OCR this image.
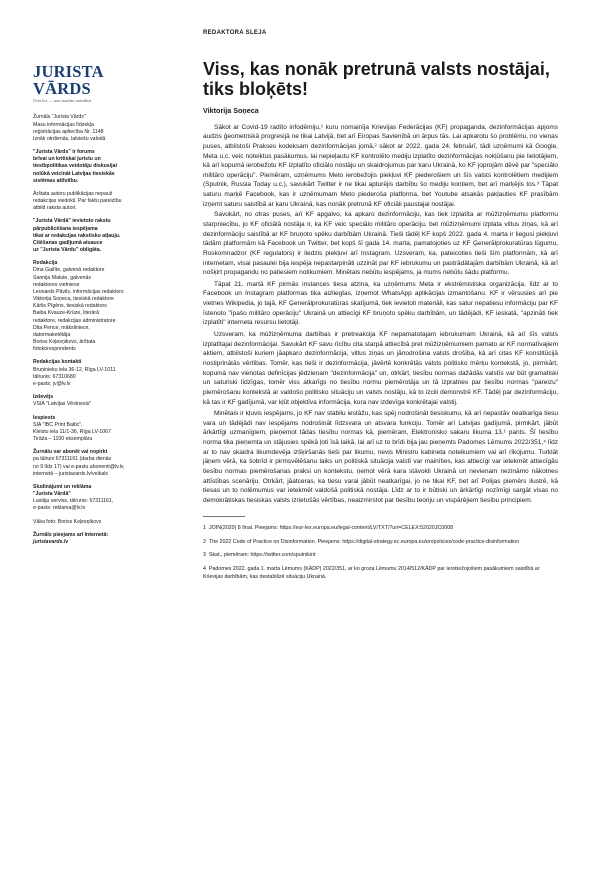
REDAKTORA SLEJA
JURISTA VĀRDS
Una lex — una iustitia omnibus
Žurnāls "Jurista Vārds"
Masu informācijas līdzekļa
reģistrācijas apliecība Nr. 1148
Iznāk otrdienās, latviešu valodā
"Jurista Vārds" ir forums
brīvai un kritiskai juristu un
tiesībpolitikas veidotāju diskusijai
nolūkā veicināt Latvijas tiesiskās
sistēmas attīstību.
Ārštata autoru publikācijas nepauž
redakcijas viedokli. Par faktu pareizību
atbild raksta autori.
"Jurista Vārdā" ievietoto rakstu
pārpublicēšana iespējama
tikai ar redakcijas rakstisku atļauju.
Citēšanas gadījumā atsauce
uz "Jurista Vārdu" obligāta.
Redakcija
Dina Gailīte, galvenā redaktore
Sannija Matule, galvenās
redaktores vietniece
Leonards Pāvils, informācijas redaktors
Viktorija Soņeca, tiesiskā redaktore
Kārlis Pīgēns, tiesiskā redaktors
Baiba Kvauze-Krūze, literārā
redaktore, redakcijas administratore
Dita Pence, māksliniece,
datormaketētāja
Boriss Koļesņikovs, ārštata
fotokorespondents
Redakcijas kontakti
Bruņinieku iela 36-12, Rīga LV-1011
tālrunis: 67310680
e-pasts: jv@lv.lv
Izdevējs
VSIA "Latvijas Vēstnesis"
Iespiests
SIA "IBC Print Baltic",
Kleistu iela 11/1-36, Rīga LV-1067
Tirāža – 1100 eksemplāru
Žurnālu var abonēt vai nopirkt
pa tālruni 67311161 (darba dienās
no 9 līdz 17) vai e-pastu abonenti@lv.lv,
internetā – juristavards.lv/veikals
Sludinājumi un reklāma
"Jurista Vārdā"
Laslāju serviss, tālrunis: 67311161,
e-pasts: reklama@lv.lv
Vāka foto: Boriss Koļesņikovs
Žurnāls pieejams arī internetā:
juristavards.lv
Viss, kas nonāk pretrunā valsts nostājai,
tiks bloķēts!
Viktorija Soņeca

Sākot ar Covid-19 radīto infodēmiju,¹ kuru nomainīja Krievijas Federācijas (KF) propaganda, dezinformācijas apjoms audzis ģeometriskā progresijā ne tikai Latvijā, bet arī Eiropas Savienībā un ārpus tās. Lai apkarotu šo problēmu, no vienas puses, atbilstoši Prakses kodeksam dezinformācijas jomā,² sākot ar 2022. gada 24. februārī, tādi uzņēmumi kā Google, Meta u.c. veic noteiktus pasākumus, lai nepieļautu KF kontrolēto mediju izplatīto dezinformācijas nokļūšanu pie lietotājiem, kā arī kopumā ierobežotu KF izplatīto oficiālo nostāju un skaidrojumus par karu Ukrainā, ko KF joprojām dēvē par "speciālo militāro operāciju". Piemēram, uzņēmums Meto ierobežojis piekļuvi KF piederošiem un šīs valsts kontrolētiem medijiem (Sputnik, Russia Today u.c.), savukārt Twitter ir ne tikai apturējis darbību šo mediju kontiem, bet arī marķējis tos.³ Tāpat saturu marķē Facebook, kas ir uzņēmumam Meto piederoša platforma, bet Youtube atsakās pakļauties KF prasībām izņemt saturu saistībā ar karu Ukrainā, kas nonāk pretrunā KF oficiāli paustajai nostājai.

Savukārt, no otras puses, arī KF apgalvo, ka apkaro dezinformāciju, kas tiek izplatīta ar mūžizņēmumu platformu starpniecību, jo KF oficiālā nostāja ir, ka KF veic speciālo militāro operāciju, bet mūžizņēmumi izplata viltus ziņas, kā arī dezinformāciju saistībā ar KF bruņoto spēku darbībām Ukrainā. Tieši tādēļ KF kopš 2022. gada 4. marta ir liegusi piekļuvi tādām platformām kā Facebook un Twitter, bet kopš šī gada 14. marta, pamatojoties uz KF Ģenerālprokuratūras lūgumu, Roskomnadzor (KF regulators) ir liedzis piekļuvi arī Instagram. Uzsveram, ka, pateicoties tieši šīm platformām, kā arī internetam, visai pasaulei bija iespēja nepastarpināti uzzināt par KF iebrukumu un pastrādātajām darbībām Ukrainā, kā arī nošķirt propagandu no patiesiem notikumiem. Minētais nebūtu iespējams, ja mums nebūtu šādu platformu.

Tāpat 21. martā KF pirmās instances tiesa atzina, ka uzņēmums Meta ir ekstrēmistiska organizācija, līdz ar to Facebook un Instagram platformas tika aizliegtas, izņemot WhatsApp aplikācijas izmantošanu. KF ir vērsusies arī pie vietnes Wikipedia, jo tajā, KF Ģenerālprokuratūras skatījumā, tiek ievietoti materiāli, kas satur nepatiesu informāciju par KF īstenoto "īpašo militāro operāciju" Ukrainā un attiecīgi KF bruņoto spēku darbībām, un tādējādi, KF ieskatā, "apzināti tiek izplatīti" interneta resursu lietotāji.

Uzsveram, ka mūžizņēmuma darbības ir pretreakcija KF nepamatotajam iebrukumam Ukrainā, kā arī šīs valsts izplatītajai dezinformācijai. Savukārt KF savu rīcību cita starpā attiecībā pret mūžizņēmumiem pamato ar KF normatīvajiem aktiem, atbilstoši kuriem jāapkaro dezinformācija, viltus ziņas un jānodrošina valsts drošība, kā arī citas KF konstitūcijā nostiprinātās vērtības. Tomēr, kas tieši ir dezinformācija, jāvērtē konkrētās valsts politisko mērķu kontekstā, jo, pirmkārt, kopumā nav vienotas definīcijas jēdzienam "dezinformācija" un, otrkārt, tiesību normas dažādās valstīs var būt gramatiski un saturiski līdzīgas, tomēr viss atkarīgs no tiesību normu piemērotāja un tā izpratnes par tiesību normas "pareizu" piemērošanu kontekstā ar valdošo politisko situāciju un valsts nostāju, kā to izcili demonstrē KF. Tādēļ par dezinformāciju, kā tas ir KF gadījumā, var kļūt objektīva informācija, kura nav izdevīga konkrētajai valstij.

Minētais ir kļuvis iespējams, jo KF nav stabilu iestāžu, kas spēj nodrošināt tiesiskumu, kā arī nepastāv neatkarīga tiesu vara un tādējādi nav iespējams nodrošināt līdzsvara un atsvara funkciju. Tomēr arī Latvijas gadījumā, pirmkārt, jābūt ārkārtīgi uzmanīgiem, pieņemot tādas tiesību normas kā, piemēram, Elektronisko sakaru likuma 13.¹ pants. Šī tiesību norma tika pieņemta un stājusies spēkā ļoti īsā laikā, lai arī uz to brīdi bija jau pieņemts Padomes Lēmums 2022/351,⁴ līdz ar to nav skaidra likumdevēja izšķiršanās tieši par likumu, nevis Ministru kabineta noteikumiem vai arī rīkojumu. Turklāt jāņem vērā, ka šobrīd ir pirmsvēlēšanu laiks un politiskā situācija valstī var mainīties, kas attiecīgi var ietekmēt attiecīgās tiesību normas piemērošanas praksi un kontekstu, ņemot vērā kara stāvokli Ukrainā un nevienam nezināmo nākotnes attīstības scenāriju. Otrkārt, jāatceras, ka tiesu varai jābūt neatkarīgai, jo ne tikai KF, bet arī Polijas piemērs ilustrē, kā tiesas un to nolēmumus var ietekmēt valdošā politiskā nostāja. Līdz ar to ir būtiski un ārkārtīgi nozīmīgi sargāt visas no demokrātiskas tiesiskas valsts izrietošās vērtības, neaizmirstot par tiesību teoriju un vispārējiem tiesību principiem.

1 JOIN(2020) 8 final. Pieejams: https://eur-lex.europa.eu/legal-content/LV/TXT/?uri=CELEX:52020JC0008
2 The 2022 Code of Practice on Disinformation. Pieejams: https://digital-strategy.ec.europa.eu/en/policies/code-practice-disinformation
3 Skat., piemēram: https://twitter.com/sputnikint
4 Padomes 2022. gada 1. marta Lēmums (KĀDP) 2022/351, ar ko groza Lēmumu 2014/512/KĀDP par ierobežojošiem pasākumiem saistībā ar Krievijas darbībām, kas destabilizē situāciju Ukrainā.
